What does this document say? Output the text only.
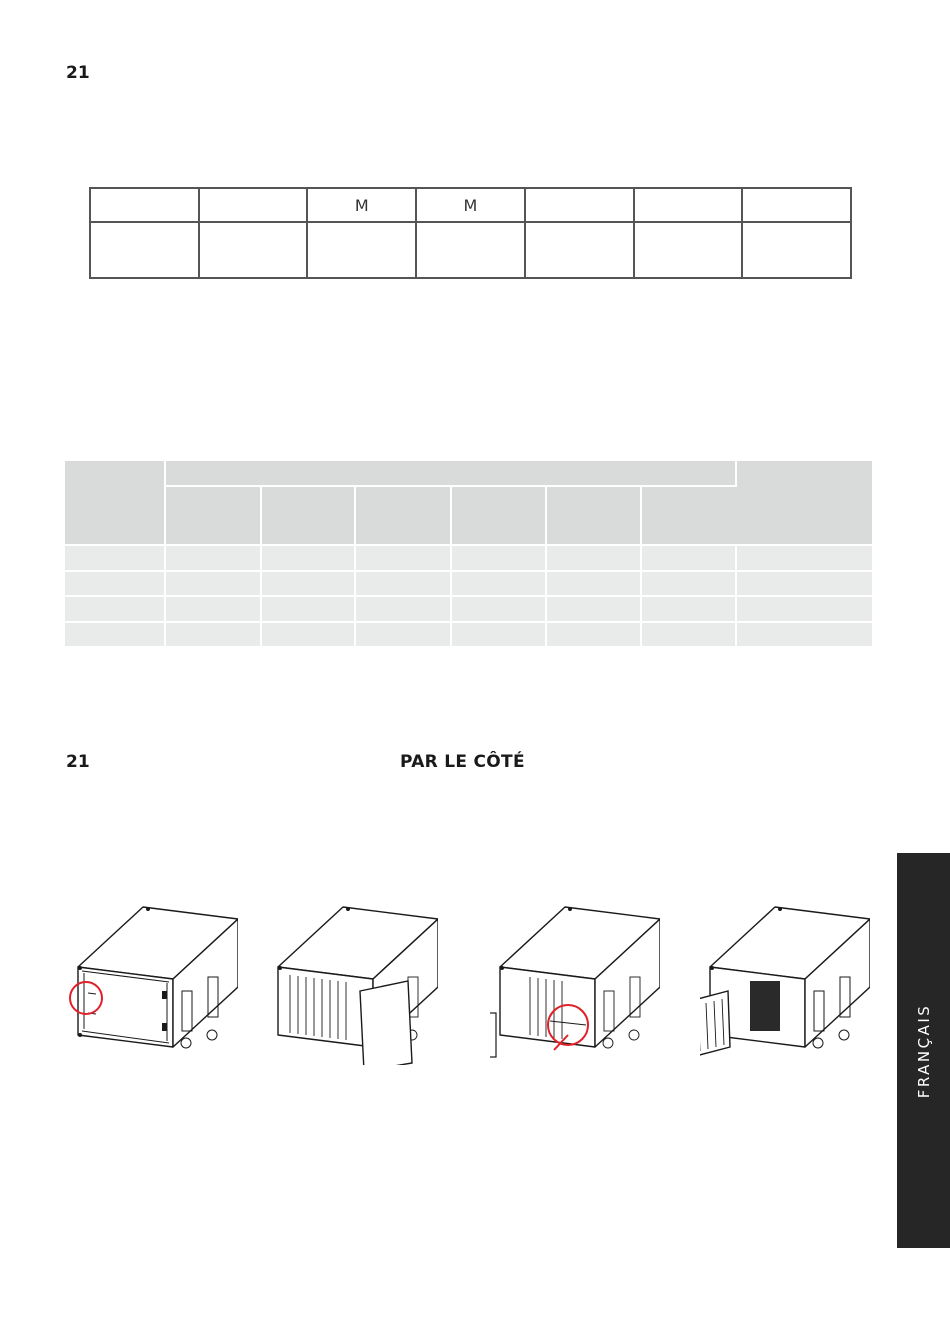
21
		M	M			

21	PAR LE CÔTÉ
FRANÇAIS
